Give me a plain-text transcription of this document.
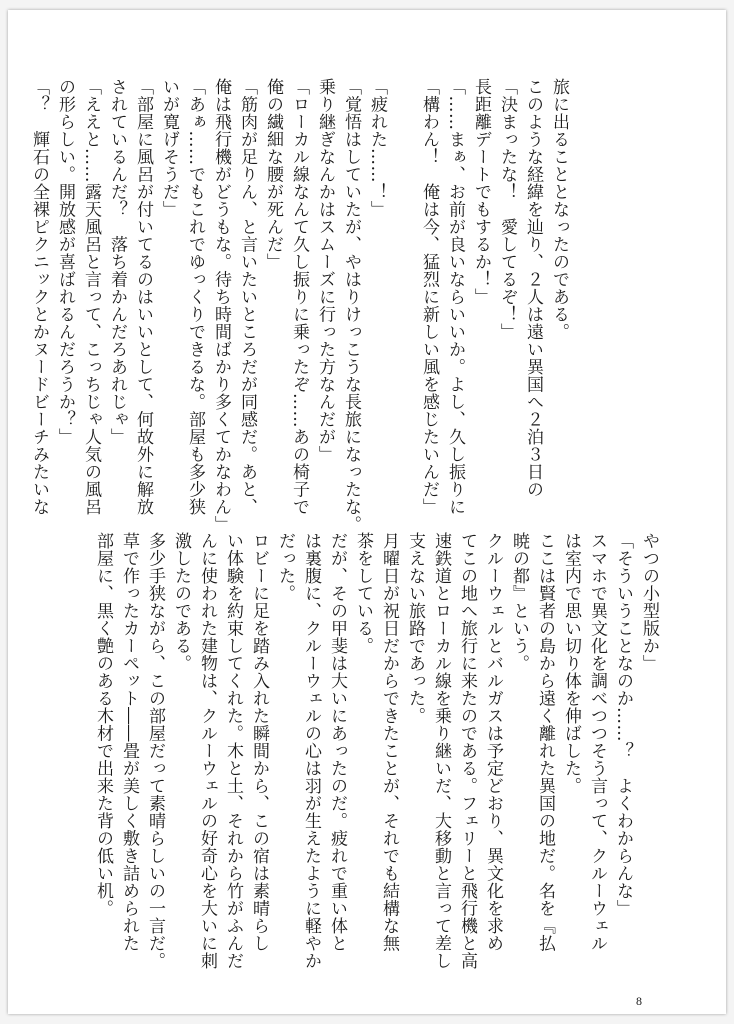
旅に出ることとなったのである。

このような経緯を辿り、２人は遠い異国へ２泊３日の

「決まったな！　愛してるぞ！」

長距離デートでもするか！」

「……まぁ、お前が良いならいいか。よし、久し振りに

「構わん！　俺は今、猛烈に新しい風を感じたいんだ」

「疲れた……！」

「覚悟はしていたが、やはりけっこうな長旅になったな。

乗り継ぎなんかはスムーズに行った方なんだが」

「ローカル線なんて久し振りに乗ったぞ……あの椅子で

俺の繊細な腰が死んだ」

「筋肉が足りん、と言いたいところだが同感だ。あと、

俺は飛行機がどうもな。待ち時間ばかり多くてかなわん」

「あぁ……でもこれでゆっくりできるな。部屋も多少狭

いが寛げそうだ」

「部屋に風呂が付いてるのはいいとして、何故外に解放

されているんだ？　落ち着かんだろあれじゃ」

「ええと……露天風呂と言って、こっちじゃ人気の風呂

の形らしい。開放感が喜ばれるんだろうか？」

「？　輝石の全裸ピクニックとかヌードビーチみたいな

やつの小型版か」

「そういうことなのか……？　よくわからんな」

スマホで異文化を調べつつそう言って、クルーウェル

は室内で思い切り体を伸ばした。

ここは賢者の島から遠く離れた異国の地だ。名を『払

暁の都』という。

クルーウェルとバルガスは予定どおり、異文化を求め

てこの地へ旅行に来たのである。フェリーと飛行機と高

速鉄道とローカル線を乗り継いだ、大移動と言って差し

支えない旅路であった。

月曜日が祝日だからできたことが、それでも結構な無

茶をしている。

だが、その甲斐は大いにあったのだ。疲れで重い体と

は裏腹に、クルーウェルの心は羽が生えたように軽やか

だった。

ロビーに足を踏み入れた瞬間から、この宿は素晴らし

い体験を約束してくれた。木と土、それから竹がふんだ

んに使われた建物は、クルーウェルの好奇心を大いに刺

激したのである。

多少手狭ながら、この部屋だって素晴らしいの一言だ。

草で作ったカーペット――畳が美しく敷き詰められた

部屋に、黒く艶のある木材で出来た背の低い机。

8
